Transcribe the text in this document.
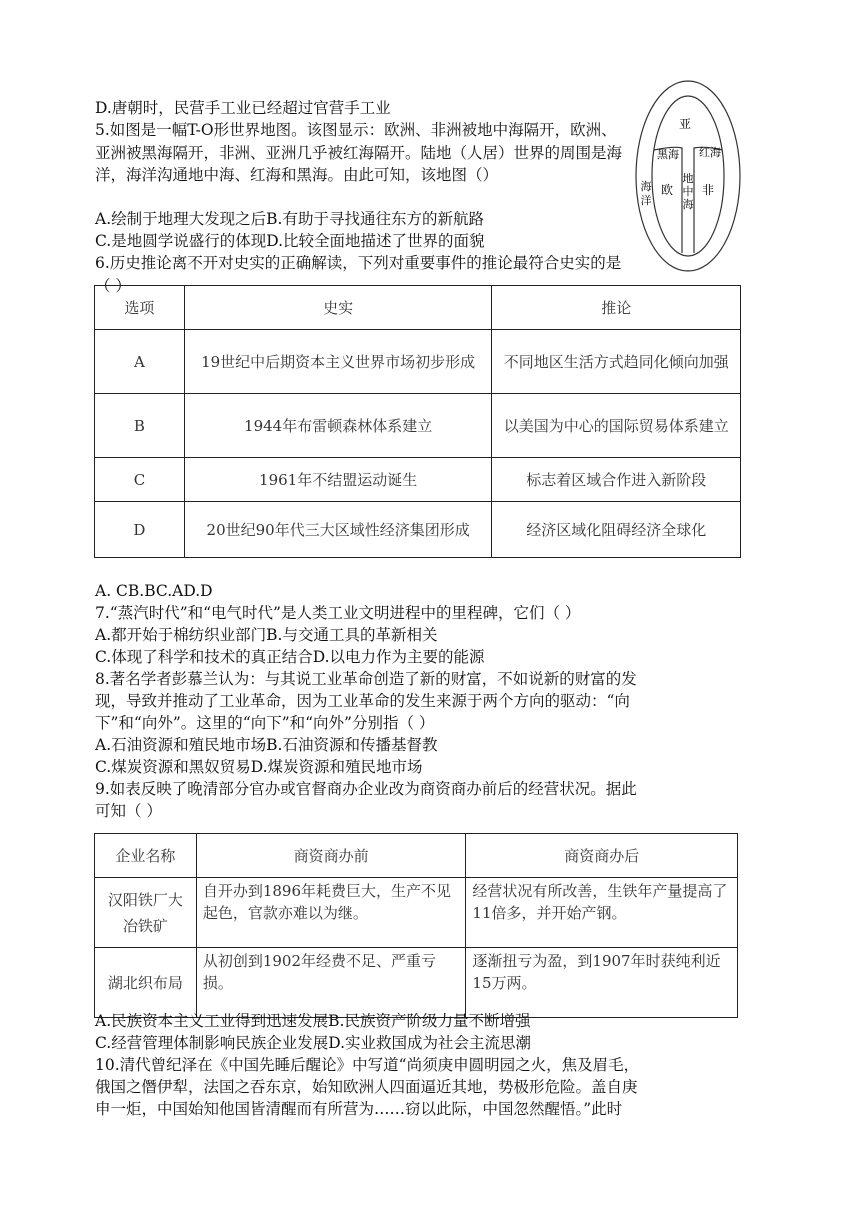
D.唐朝时，民营手工业已经超过官营手工业
5.如图是一幅T-O形世界地图。该图显示：欧洲、非洲被地中海隔开，欧洲、亚洲被黑海隔开，非洲、亚洲几乎被红海隔开。陆地（人居）世界的周围是海洋，海洋沟通地中海、红海和黑海。由此可知，该地图（）
A.绘制于地理大发现之后B.有助于寻找通往东方的新航路
C.是地圆学说盛行的体现D.比较全面地描述了世界的面貌
6.历史推论离不开对史实的正确解读，下列对重要事件的推论最符合史实的是（ ）
亚
黑海 红海
欧 非
地
中
海
海
洋
选项	史实	推论
A	19世纪中后期资本主义世界市场初步形成	不同地区生活方式趋同化倾向加强
B	1944年布雷顿森林体系建立	以美国为中心的国际贸易体系建立
C	1961年不结盟运动诞生	标志着区域合作进入新阶段
D	20世纪90年代三大区域性经济集团形成	经济区域化阻碍经济全球化
A. CB.BC.AD.D
7.“蒸汽时代”和“电气时代”是人类工业文明进程中的里程碑，它们（ ）
A.都开始于棉纺织业部门B.与交通工具的革新相关
C.体现了科学和技术的真正结合D.以电力作为主要的能源
8.著名学者彭慕兰认为：与其说工业革命创造了新的财富，不如说新的财富的发
现，导致并推动了工业革命，因为工业革命的发生来源于两个方向的驱动：“向
下”和“向外”。这里的“向下”和“向外”分别指（ ）
A.石油资源和殖民地市场B.石油资源和传播基督教
C.煤炭资源和黑奴贸易D.煤炭资源和殖民地市场
9.如表反映了晚清部分官办或官督商办企业改为商资商办前后的经营状况。据此
可知（ ）
企业名称	商资商办前	商资商办后
汉阳铁厂大冶铁矿	自开办到1896年耗费巨大，生产不见起色，官款亦难以为继。	经营状况有所改善，生铁年产量提高了11倍多，并开始产钢。
湖北织布局	从初创到1902年经费不足、严重亏损。	逐渐扭亏为盈，到1907年时获纯利近15万两。
A.民族资本主义工业得到迅速发展B.民族资产阶级力量不断增强
C.经营管理体制影响民族企业发展D.实业救国成为社会主流思潮
10.清代曾纪泽在《中国先睡后醒论》中写道“尚须庚申圆明园之火，焦及眉毛，
俄国之僭伊犁，法国之吞东京，始知欧洲人四面逼近其地，势极形危险。盖自庚
申一炬，中国始知他国皆清醒而有所营为……窃以此际，中国忽然醒悟。”此时
